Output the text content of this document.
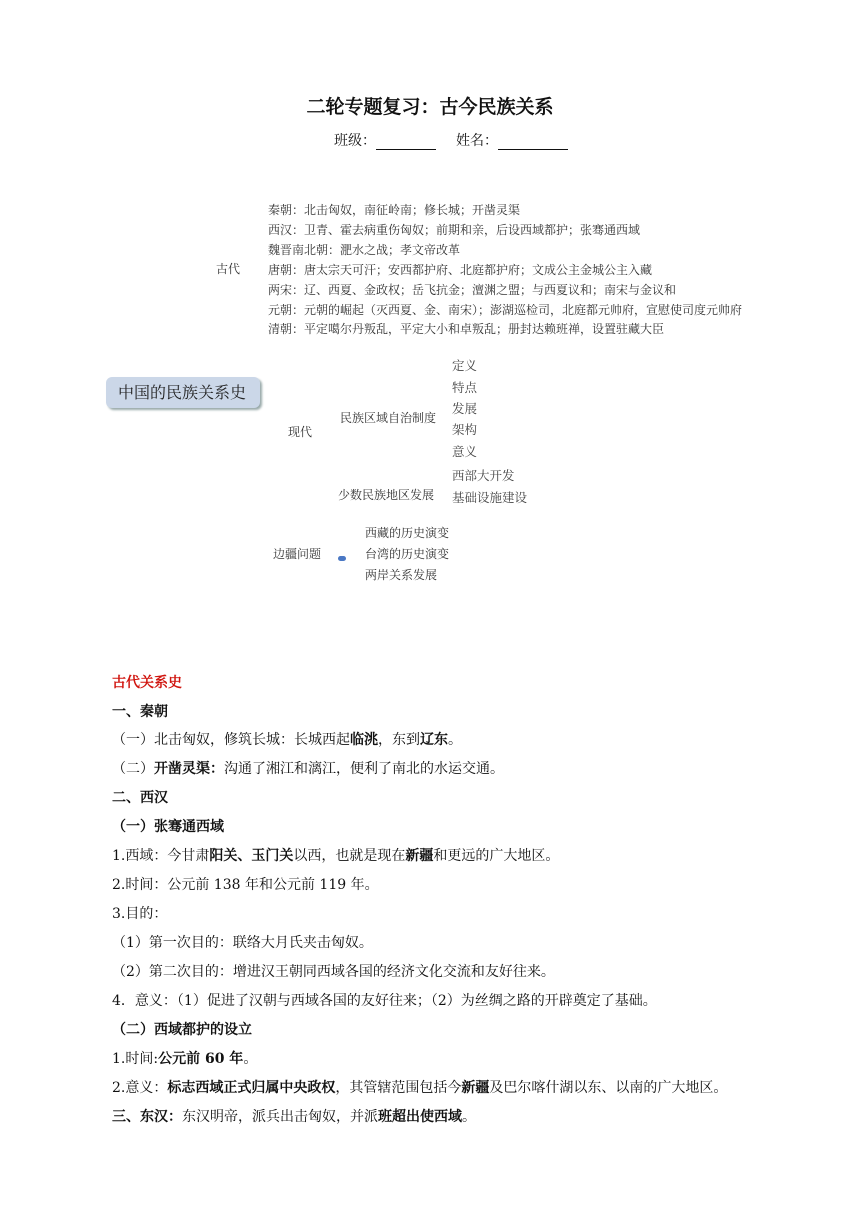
二轮专题复习：古今民族关系
班级：	姓名：
中国的民族关系史
古代
秦朝：北击匈奴，南征岭南；修长城；开凿灵渠
西汉：卫青、霍去病重伤匈奴；前期和亲，后设西域都护；张骞通西域
魏晋南北朝：淝水之战；孝文帝改革
唐朝：唐太宗天可汗；安西都护府、北庭都护府；文成公主金城公主入藏
两宋：辽、西夏、金政权；岳飞抗金；澶渊之盟；与西夏议和；南宋与金议和
元朝：元朝的崛起（灭西夏、金、南宋）；澎湖巡检司，北庭都元帅府，宣慰使司度元帅府
清朝：平定噶尔丹叛乱，平定大小和卓叛乱；册封达赖班禅，设置驻藏大臣
现代
民族区域自治制度
定义
特点
发展
架构
意义
少数民族地区发展
西部大开发
基础设施建设
边疆问题
西藏的历史演变
台湾的历史演变
两岸关系发展
古代关系史
一、秦朝
（一）北击匈奴，修筑长城：长城西起临洮，东到辽东。
（二）开凿灵渠：沟通了湘江和漓江，便利了南北的水运交通。
二、西汉
（一）张骞通西域
1.西域：今甘肃阳关、玉门关以西，也就是现在新疆和更远的广大地区。
2.时间：公元前 138 年和公元前 119 年。
3.目的：
（1）第一次目的：联络大月氏夹击匈奴。
（2）第二次目的：增进汉王朝同西域各国的经济文化交流和友好往来。
4．意义：（1）促进了汉朝与西域各国的友好往来；（2）为丝绸之路的开辟奠定了基础。
（二）西域都护的设立
1.时间:公元前 60 年。
2.意义：标志西域正式归属中央政权，其管辖范围包括今新疆及巴尔喀什湖以东、以南的广大地区。
三、东汉：东汉明帝，派兵出击匈奴，并派班超出使西域。
